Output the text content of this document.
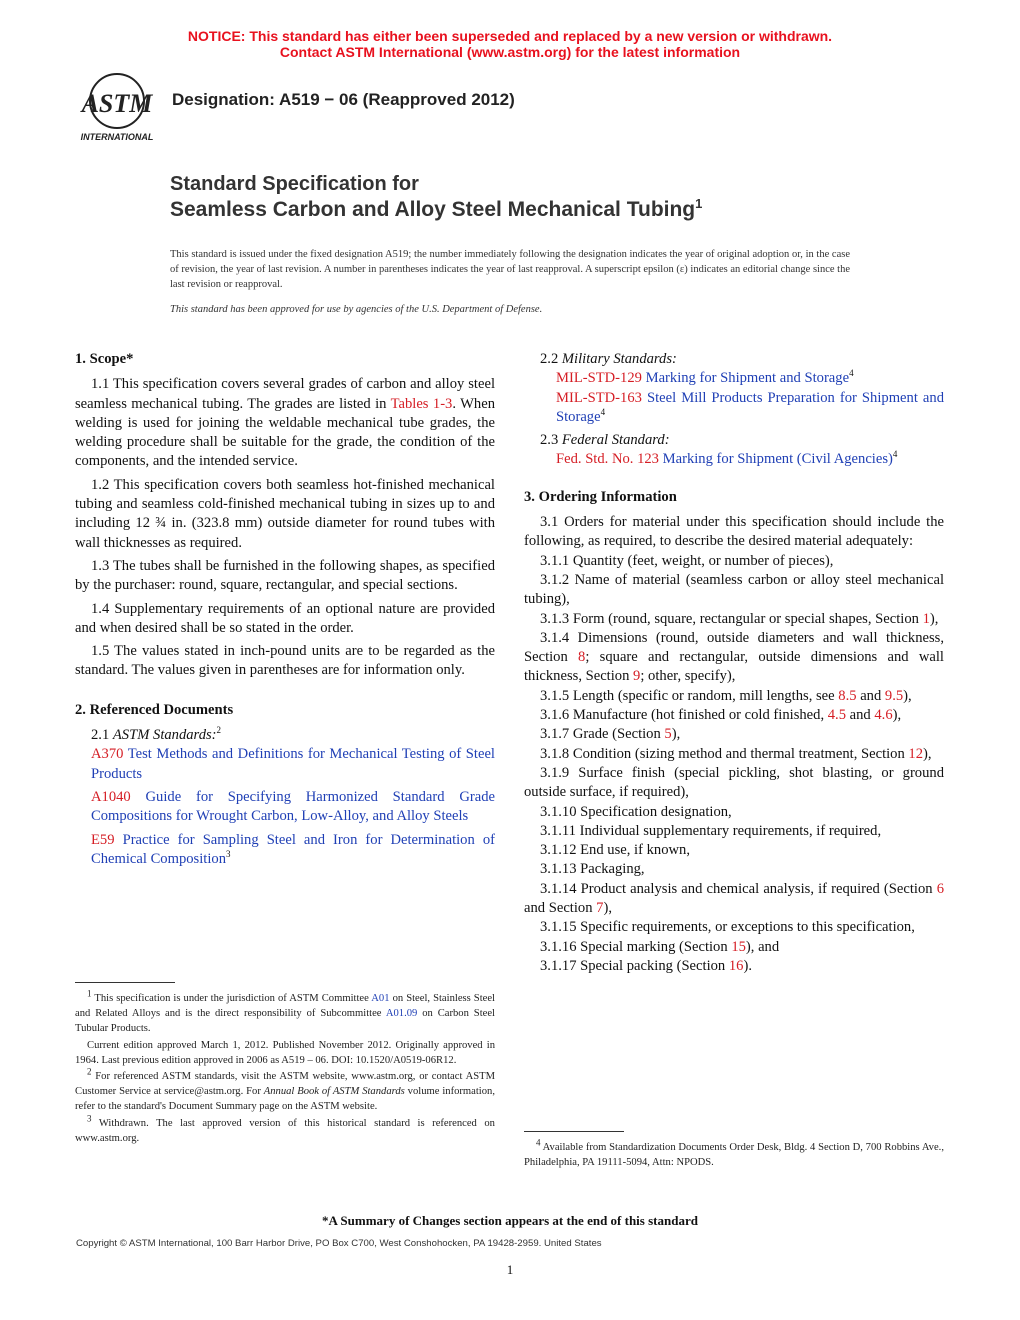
NOTICE: This standard has either been superseded and replaced by a new version or withdrawn.
Contact ASTM International (www.astm.org) for the latest information
ASTM
INTERNATIONAL
Designation: A519 − 06 (Reapproved 2012)
Standard Specification for
Seamless Carbon and Alloy Steel Mechanical Tubing$^1$
This standard is issued under the fixed designation A519; the number immediately following the designation indicates the year of original adoption or, in the case of revision, the year of last revision. A number in parentheses indicates the year of last reapproval. A superscript epsilon (ε) indicates an editorial change since the last revision or reapproval.
This standard has been approved for use by agencies of the U.S. Department of Defense.
1. Scope*

1.1 This specification covers several grades of carbon and alloy steel seamless mechanical tubing. The grades are listed in Tables 1-3. When welding is used for joining the weldable mechanical tube grades, the welding procedure shall be suitable for the grade, the condition of the components, and the intended service.

1.2 This specification covers both seamless hot-finished mechanical tubing and seamless cold-finished mechanical tubing in sizes up to and including 12 ¾ in. (323.8 mm) outside diameter for round tubes with wall thicknesses as required.

1.3 The tubes shall be furnished in the following shapes, as specified by the purchaser: round, square, rectangular, and special sections.

1.4 Supplementary requirements of an optional nature are provided and when desired shall be so stated in the order.

1.5 The values stated in inch-pound units are to be regarded as the standard. The values given in parentheses are for information only.

2. Referenced Documents

2.1 ASTM Standards:$^2$

A370 Test Methods and Definitions for Mechanical Testing of Steel Products

A1040 Guide for Specifying Harmonized Standard Grade Compositions for Wrought Carbon, Low-Alloy, and Alloy Steels

E59 Practice for Sampling Steel and Iron for Determination of Chemical Composition$^3$

$^1$ This specification is under the jurisdiction of ASTM Committee A01 on Steel, Stainless Steel and Related Alloys and is the direct responsibility of Subcommittee A01.09 on Carbon Steel Tubular Products.

Current edition approved March 1, 2012. Published November 2012. Originally approved in 1964. Last previous edition approved in 2006 as A519 – 06. DOI: 10.1520/A0519-06R12.

$^2$ For referenced ASTM standards, visit the ASTM website, www.astm.org, or contact ASTM Customer Service at service@astm.org. For Annual Book of ASTM Standards volume information, refer to the standard's Document Summary page on the ASTM website.

$^3$ Withdrawn. The last approved version of this historical standard is referenced on www.astm.org.

2.2 Military Standards:

MIL-STD-129 Marking for Shipment and Storage$^4$

MIL-STD-163 Steel Mill Products Preparation for Shipment and Storage$^4$

2.3 Federal Standard:

Fed. Std. No. 123 Marking for Shipment (Civil Agencies)$^4$

3. Ordering Information

3.1 Orders for material under this specification should include the following, as required, to describe the desired material adequately:

3.1.1 Quantity (feet, weight, or number of pieces),

3.1.2 Name of material (seamless carbon or alloy steel mechanical tubing),

3.1.3 Form (round, square, rectangular or special shapes, Section 1),

3.1.4 Dimensions (round, outside diameters and wall thickness, Section 8; square and rectangular, outside dimensions and wall thickness, Section 9; other, specify),

3.1.5 Length (specific or random, mill lengths, see 8.5 and 9.5),

3.1.6 Manufacture (hot finished or cold finished, 4.5 and 4.6),

3.1.7 Grade (Section 5),

3.1.8 Condition (sizing method and thermal treatment, Section 12),

3.1.9 Surface finish (special pickling, shot blasting, or ground outside surface, if required),

3.1.10 Specification designation,

3.1.11 Individual supplementary requirements, if required,

3.1.12 End use, if known,

3.1.13 Packaging,

3.1.14 Product analysis and chemical analysis, if required (Section 6 and Section 7),

3.1.15 Specific requirements, or exceptions to this specification,

3.1.16 Special marking (Section 15), and

3.1.17 Special packing (Section 16).

$^4$ Available from Standardization Documents Order Desk, Bldg. 4 Section D, 700 Robbins Ave., Philadelphia, PA 19111-5094, Attn: NPODS.

*A Summary of Changes section appears at the end of this standard
Copyright © ASTM International, 100 Barr Harbor Drive, PO Box C700, West Conshohocken, PA 19428-2959. United States
1
